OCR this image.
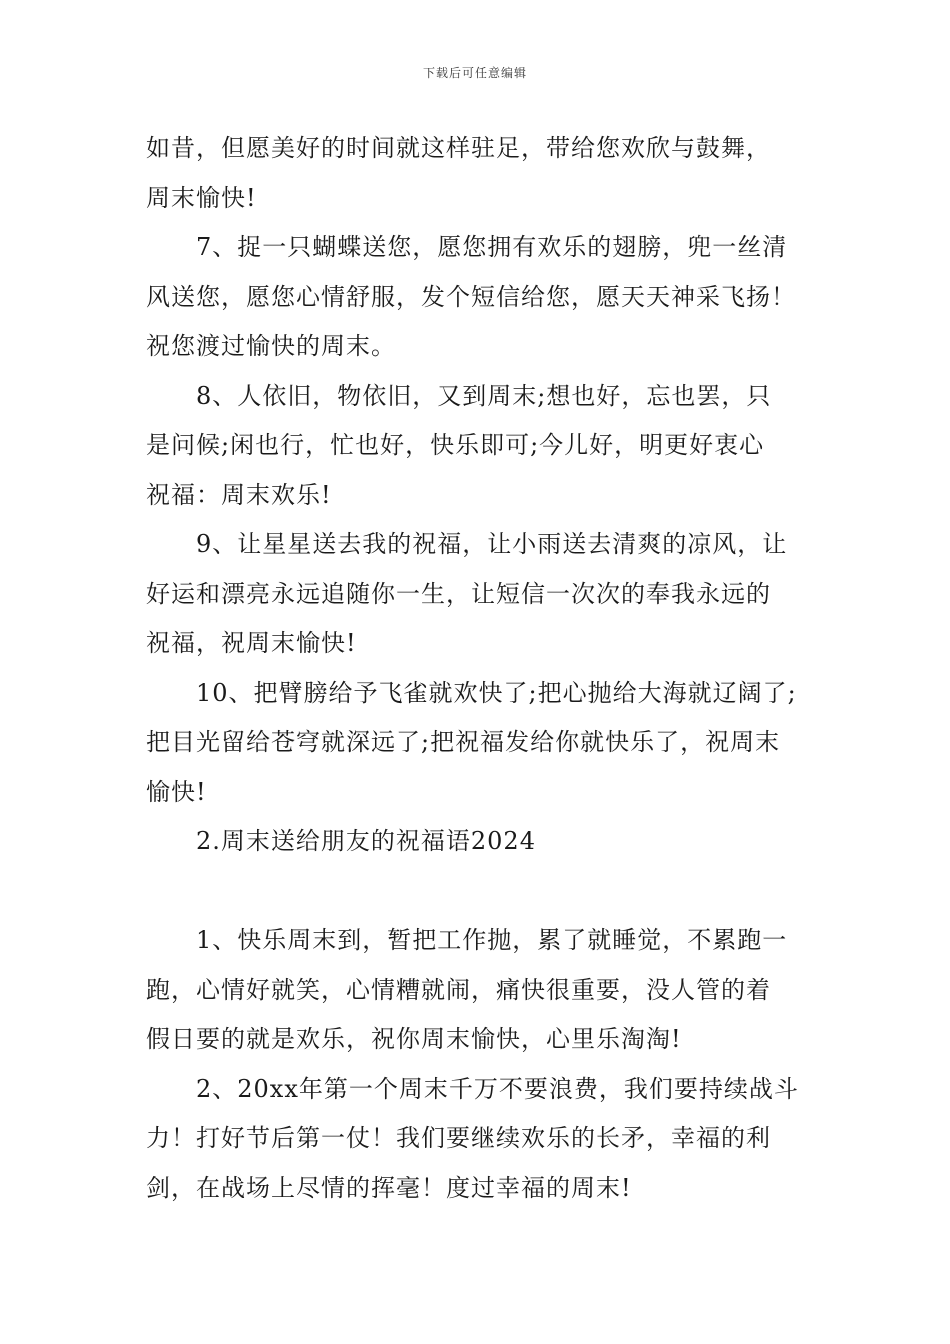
下载后可任意编辑
如昔，但愿美好的时间就这样驻足，带给您欢欣与鼓舞，
周末愉快!
7、捉一只蝴蝶送您，愿您拥有欢乐的翅膀，兜一丝清
风送您，愿您心情舒服，发个短信给您，愿天天神采飞扬！
祝您渡过愉快的周末。
8、人依旧，物依旧，又到周末;想也好，忘也罢，只
是问候;闲也行，忙也好，快乐即可;今儿好，明更好衷心
祝福：周末欢乐!
9、让星星送去我的祝福，让小雨送去清爽的凉风，让
好运和漂亮永远追随你一生，让短信一次次的奉我永远的
祝福，祝周末愉快!
10、把臂膀给予飞雀就欢快了;把心抛给大海就辽阔了;
把目光留给苍穹就深远了;把祝福发给你就快乐了，祝周末
愉快!
2.周末送给朋友的祝福语2024
1、快乐周末到，暂把工作抛，累了就睡觉，不累跑一
跑，心情好就笑，心情糟就闹，痛快很重要，没人管的着
假日要的就是欢乐，祝你周末愉快，心里乐淘淘!
2、20xx年第一个周末千万不要浪费，我们要持续战斗
力！打好节后第一仗！我们要继续欢乐的长矛，幸福的利
剑，在战场上尽情的挥毫！度过幸福的周末!
